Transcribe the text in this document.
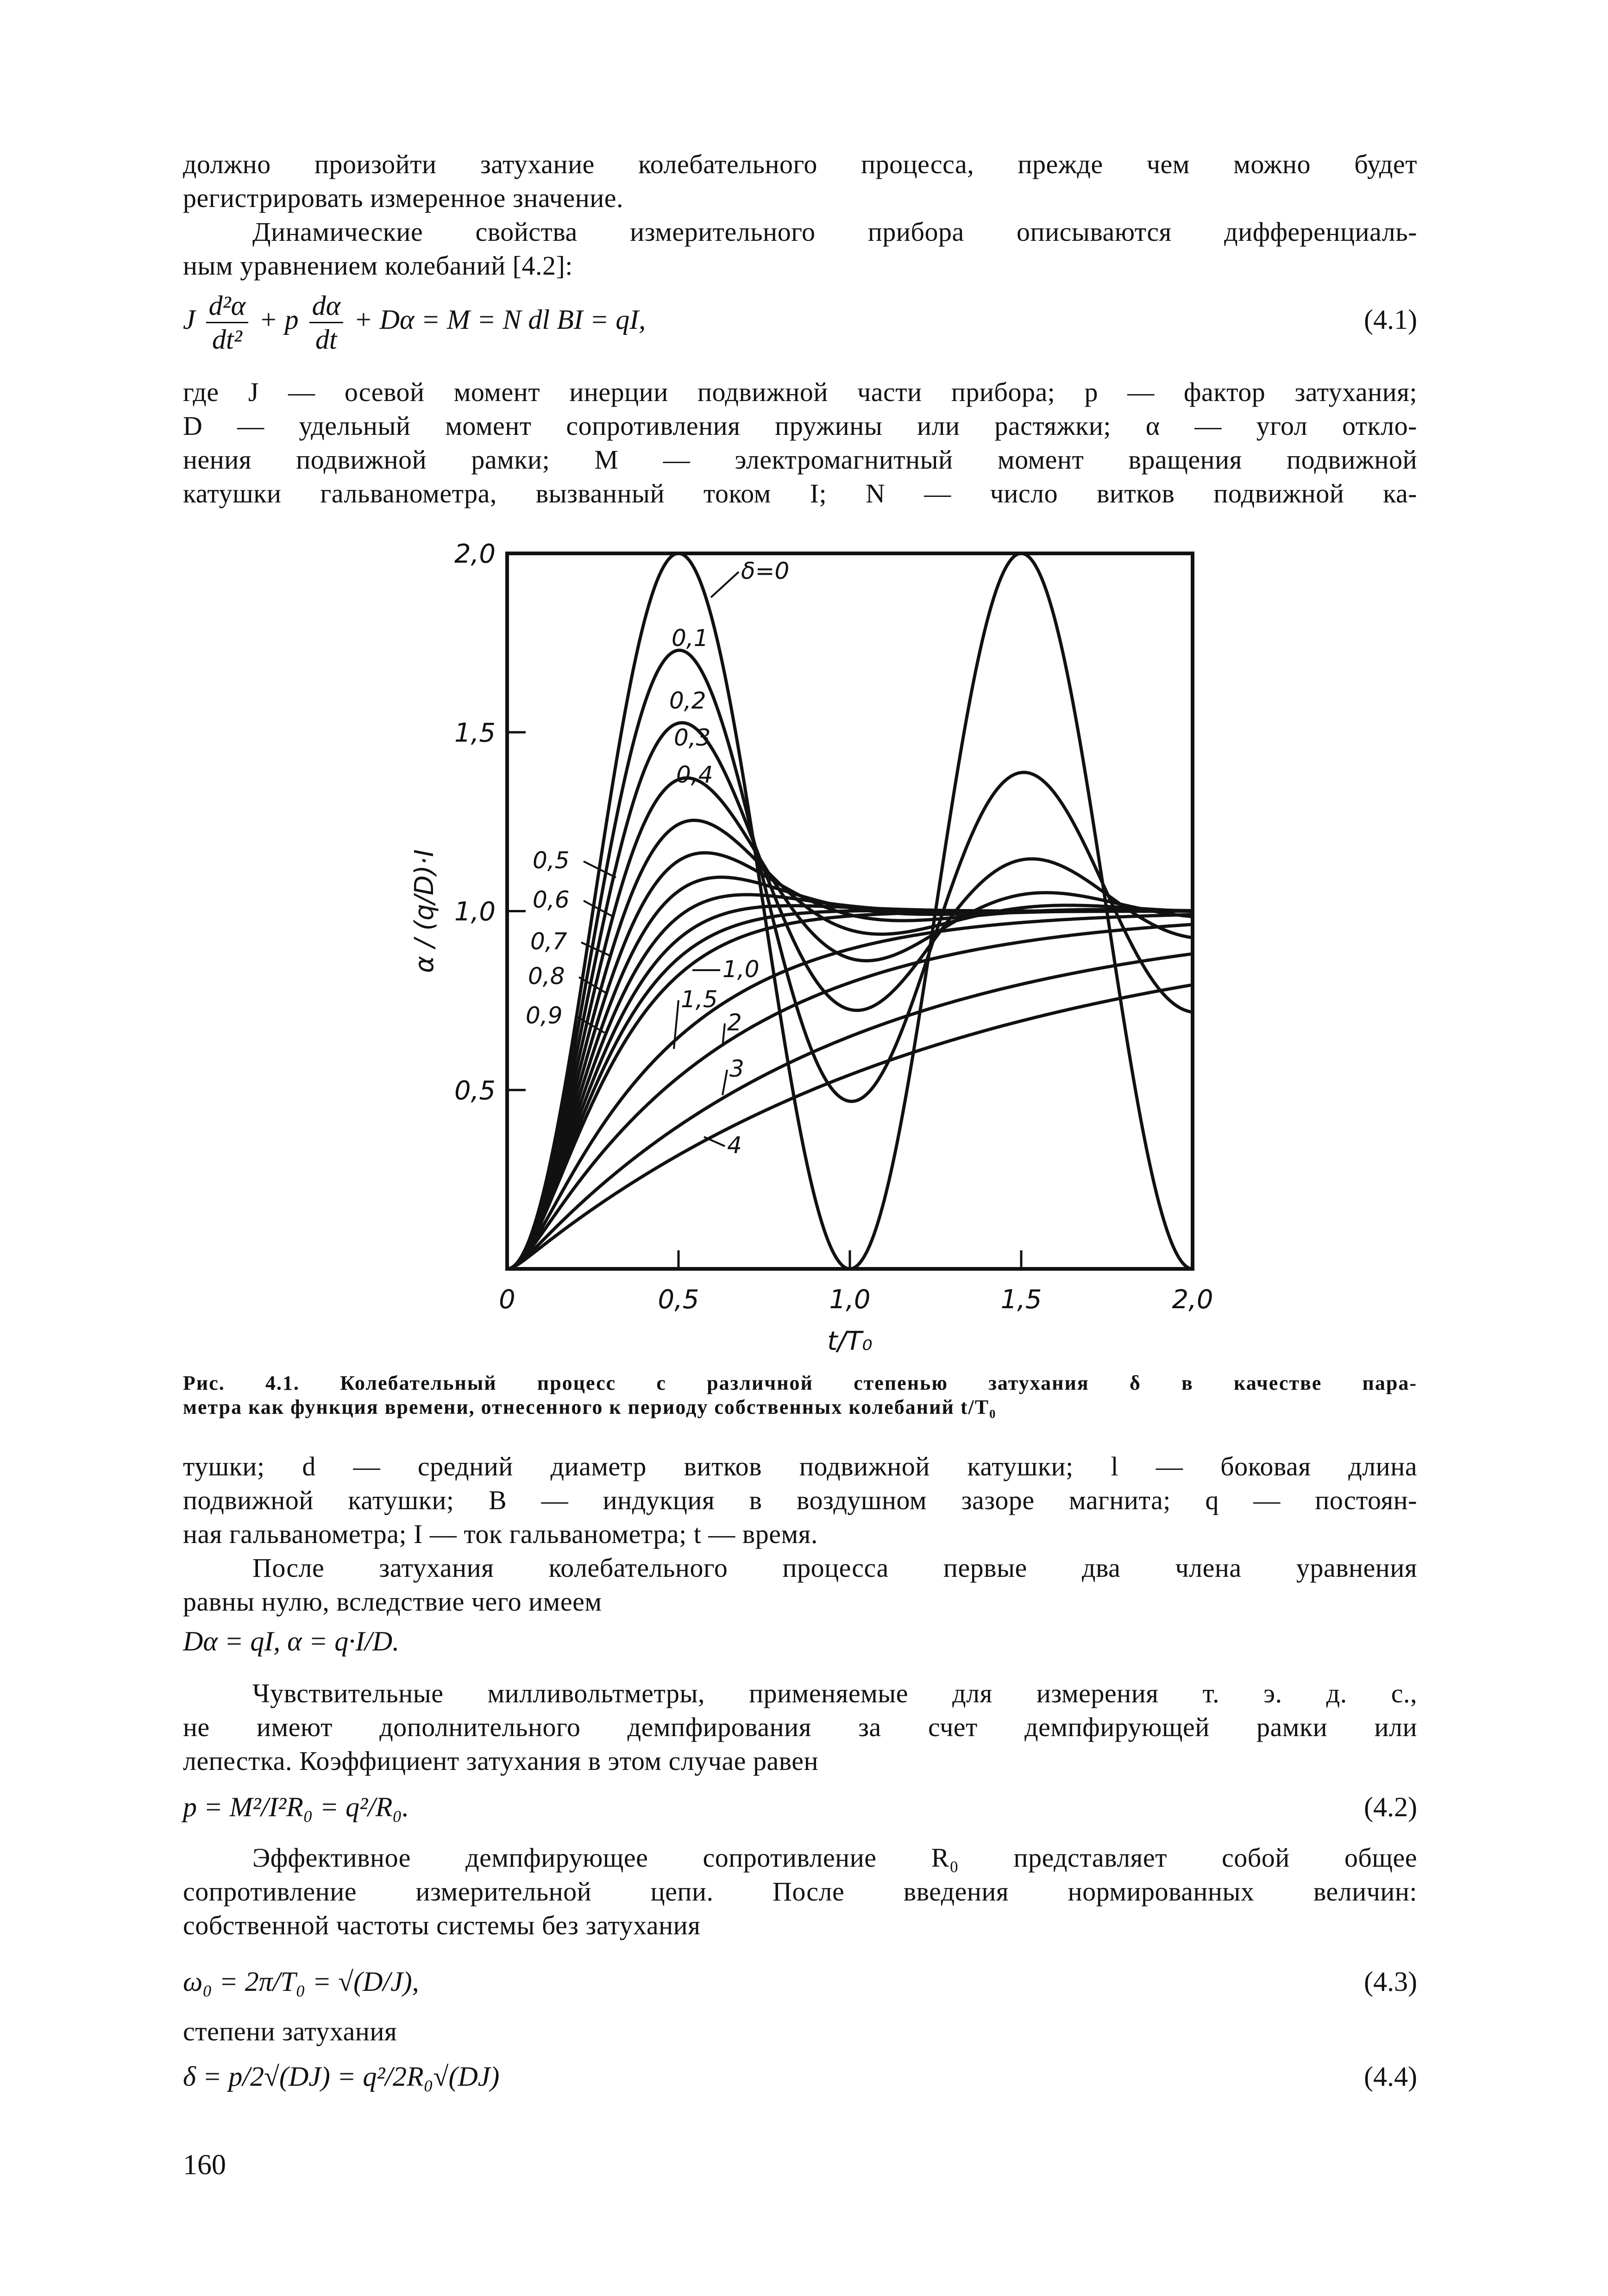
должно произойти затухание колебательного процесса, прежде чем можно будет
регистрировать измеренное значение.
Динамические свойства измерительного прибора описываются дифференциаль-
ным уравнением колебаний [4.2]:
J $\frac{\text{d²α}}{\text{dt²}} + p \frac{d\alpha}{dt} + D\alpha = M = N$ dl BI = qI,	(4.1)
где J — осевой момент инерции подвижной части прибора; p — фактор затухания;
D — удельный момент сопротивления пружины или растяжки; α — угол откло-
нения подвижной рамки; M — электромагнитный момент вращения подвижной
катушки гальванометра, вызванный током I; N — число витков подвижной ка-
0,5
1,0
1,5
2,0
0	0,5	1,0	1,5	2,0
t/T₀
α / (q/D)·I
δ=0
0,1
0,2
0,3
0,4
0,5
0,6
0,7
0,8
0,9
1,0
1,5
2
3
4
Рис. 4.1. Колебательный процесс с различной степенью затухания δ в качестве пара-
метра как функция времени, отнесенного к периоду собственных колебаний t/T₀
тушки; d — средний диаметр витков подвижной катушки; l — боковая длина
подвижной катушки; B — индукция в воздушном зазоре магнита; q — постоян-
ная гальванометра; I — ток гальванометра; t — время.
После затухания колебательного процесса первые два члена уравнения
равны нулю, вследствие чего имеем
Dα = qI, α = q·I/D.
Чувствительные милливольтметры, применяемые для измерения т. э. д. с.,
не имеют дополнительного демпфирования за счет демпфирующей рамки или
лепестка. Коэффициент затухания в этом случае равен
p = M²/I²R₀ = q²/R₀.	(4.2)
Эффективное демпфирующее сопротивление R₀ представляет собой общее
сопротивление измерительной цепи. После введения нормированных величин:
собственной частоты системы без затухания
ω₀ = 2π/T₀ = √(D/J),	(4.3)
степени затухания
δ = p/2√(DJ) = q²/2R₀√(DJ)	(4.4)
160
